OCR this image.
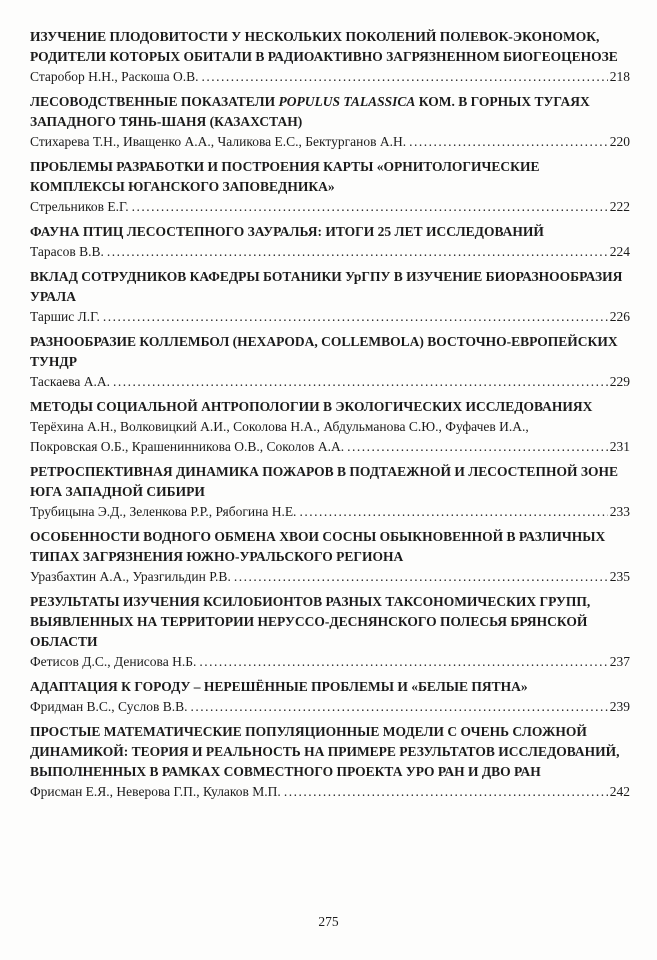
ИЗУЧЕНИЕ ПЛОДОВИТОСТИ У НЕСКОЛЬКИХ ПОКОЛЕНИЙ ПОЛЕВОК-ЭКОНОМОК, РОДИТЕЛИ КОТОРЫХ ОБИТАЛИ В РАДИОАКТИВНО ЗАГРЯЗНЕННОМ БИОГЕОЦЕНОЗЕ
Старобор Н.Н., Раскоша О.В. .....	218
ЛЕСОВОДСТВЕННЫЕ ПОКАЗАТЕЛИ POPULUS TALASSICA КОМ. В ГОРНЫХ ТУГАЯХ ЗАПАДНОГО ТЯНЬ-ШАНЯ (КАЗАХСТАН)
Стихарева Т.Н., Иващенко А.А., Чаликова Е.С., Бектурганов А.Н. .....	220
ПРОБЛЕМЫ РАЗРАБОТКИ И ПОСТРОЕНИЯ КАРТЫ «ОРНИТОЛОГИЧЕСКИЕ КОМПЛЕКСЫ ЮГАНСКОГО ЗАПОВЕДНИКА»
Стрельников Е.Г. .....	222
ФАУНА ПТИЦ ЛЕСОСТЕПНОГО ЗАУРАЛЬЯ: ИТОГИ 25 ЛЕТ ИССЛЕДОВАНИЙ
Тарасов В.В. .....	224
ВКЛАД СОТРУДНИКОВ КАФЕДРЫ БОТАНИКИ УрГПУ В ИЗУЧЕНИЕ БИОРАЗНООБРАЗИЯ УРАЛА
Таршис Л.Г. .....	226
РАЗНООБРАЗИЕ КОЛЛЕМБОЛ (HEXAPODA, COLLEMBOLA) ВОСТОЧНО-ЕВРОПЕЙСКИХ ТУНДР
Таскаева А.А. .....	229
МЕТОДЫ СОЦИАЛЬНОЙ АНТРОПОЛОГИИ В ЭКОЛОГИЧЕСКИХ ИССЛЕДОВАНИЯХ
Терёхина А.Н., Волковицкий А.И., Соколова Н.А., Абдульманова С.Ю., Фуфачев И.А.,
Покровская О.Б., Крашенинникова О.В., Соколов А.А. .....	231
РЕТРОСПЕКТИВНАЯ ДИНАМИКА ПОЖАРОВ В ПОДТАЕЖНОЙ И ЛЕСОСТЕПНОЙ ЗОНЕ ЮГА ЗАПАДНОЙ СИБИРИ
Трубицына Э.Д., Зеленкова Р.Р., Рябогина Н.Е. .....	233
ОСОБЕННОСТИ ВОДНОГО ОБМЕНА ХВОИ СОСНЫ ОБЫКНОВЕННОЙ В РАЗЛИЧНЫХ ТИПАХ ЗАГРЯЗНЕНИЯ ЮЖНО-УРАЛЬСКОГО РЕГИОНА
Уразбахтин А.А., Уразгильдин Р.В. .....	235
РЕЗУЛЬТАТЫ ИЗУЧЕНИЯ КСИЛОБИОНТОВ РАЗНЫХ ТАКСОНОМИЧЕСКИХ ГРУПП, ВЫЯВЛЕННЫХ НА ТЕРРИТОРИИ НЕРУССО-ДЕСНЯНСКОГО ПОЛЕСЬЯ БРЯНСКОЙ ОБЛАСТИ
Фетисов Д.С., Денисова Н.Б. .....	237
АДАПТАЦИЯ К ГОРОДУ – НЕРЕШЁННЫЕ ПРОБЛЕМЫ И «БЕЛЫЕ ПЯТНА»
Фридман В.С., Суслов В.В. .....	239
ПРОСТЫЕ МАТЕМАТИЧЕСКИЕ ПОПУЛЯЦИОННЫЕ МОДЕЛИ С ОЧЕНЬ СЛОЖНОЙ ДИНАМИКОЙ: ТЕОРИЯ И РЕАЛЬНОСТЬ НА ПРИМЕРЕ РЕЗУЛЬТАТОВ ИССЛЕДОВАНИЙ, ВЫПОЛНЕННЫХ В РАМКАХ СОВМЕСТНОГО ПРОЕКТА УРО РАН И ДВО РАН
Фрисман Е.Я., Неверова Г.П., Кулаков М.П. .....	242
275
